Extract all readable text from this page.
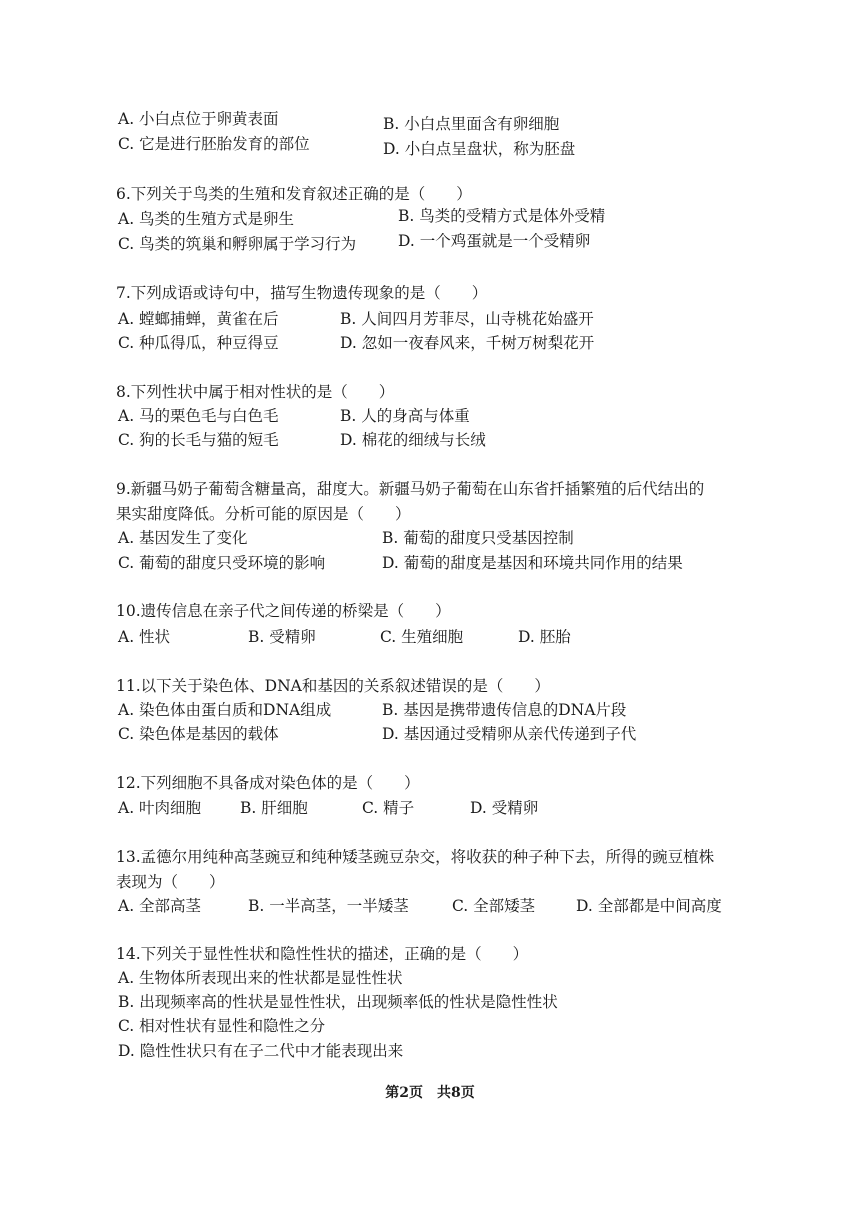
A. 小白点位于卵黄表面	B. 小白点里面含有卵细胞
C. 它是进行胚胎发育的部位	D. 小白点呈盘状，称为胚盘
6.下列关于鸟类的生殖和发育叙述正确的是（　　）
A. 鸟类的生殖方式是卵生	B. 鸟类的受精方式是体外受精
C. 鸟类的筑巢和孵卵属于学习行为	D. 一个鸡蛋就是一个受精卵
7.下列成语或诗句中，描写生物遗传现象的是（　　）
A. 螳螂捕蝉，黄雀在后	B. 人间四月芳菲尽，山寺桃花始盛开
C. 种瓜得瓜，种豆得豆	D. 忽如一夜春风来，千树万树梨花开
8.下列性状中属于相对性状的是（　　）
A. 马的栗色毛与白色毛	B. 人的身高与体重
C. 狗的长毛与猫的短毛	D. 棉花的细绒与长绒
9.新疆马奶子葡萄含糖量高，甜度大。新疆马奶子葡萄在山东省扦插繁殖的后代结出的
果实甜度降低。分析可能的原因是（　　）
A. 基因发生了变化	B. 葡萄的甜度只受基因控制
C. 葡萄的甜度只受环境的影响	D. 葡萄的甜度是基因和环境共同作用的结果
10.遗传信息在亲子代之间传递的桥梁是（　　）
A. 性状	B. 受精卵	C. 生殖细胞	D. 胚胎
11.以下关于染色体、DNA和基因的关系叙述错误的是（　　）
A. 染色体由蛋白质和DNA组成	B. 基因是携带遗传信息的DNA片段
C. 染色体是基因的载体	D. 基因通过受精卵从亲代传递到子代
12.下列细胞不具备成对染色体的是（　　）
A. 叶肉细胞	B. 肝细胞	C. 精子	D. 受精卵
13.孟德尔用纯种高茎豌豆和纯种矮茎豌豆杂交，将收获的种子种下去，所得的豌豆植株
表现为（　　）
A. 全部高茎	B. 一半高茎，一半矮茎	C. 全部矮茎	D. 全部都是中间高度
14.下列关于显性性状和隐性性状的描述，正确的是（　　）
A. 生物体所表现出来的性状都是显性性状
B. 出现频率高的性状是显性性状，出现频率低的性状是隐性性状
C. 相对性状有显性和隐性之分
D. 隐性性状只有在子二代中才能表现出来
第2页　共8页
